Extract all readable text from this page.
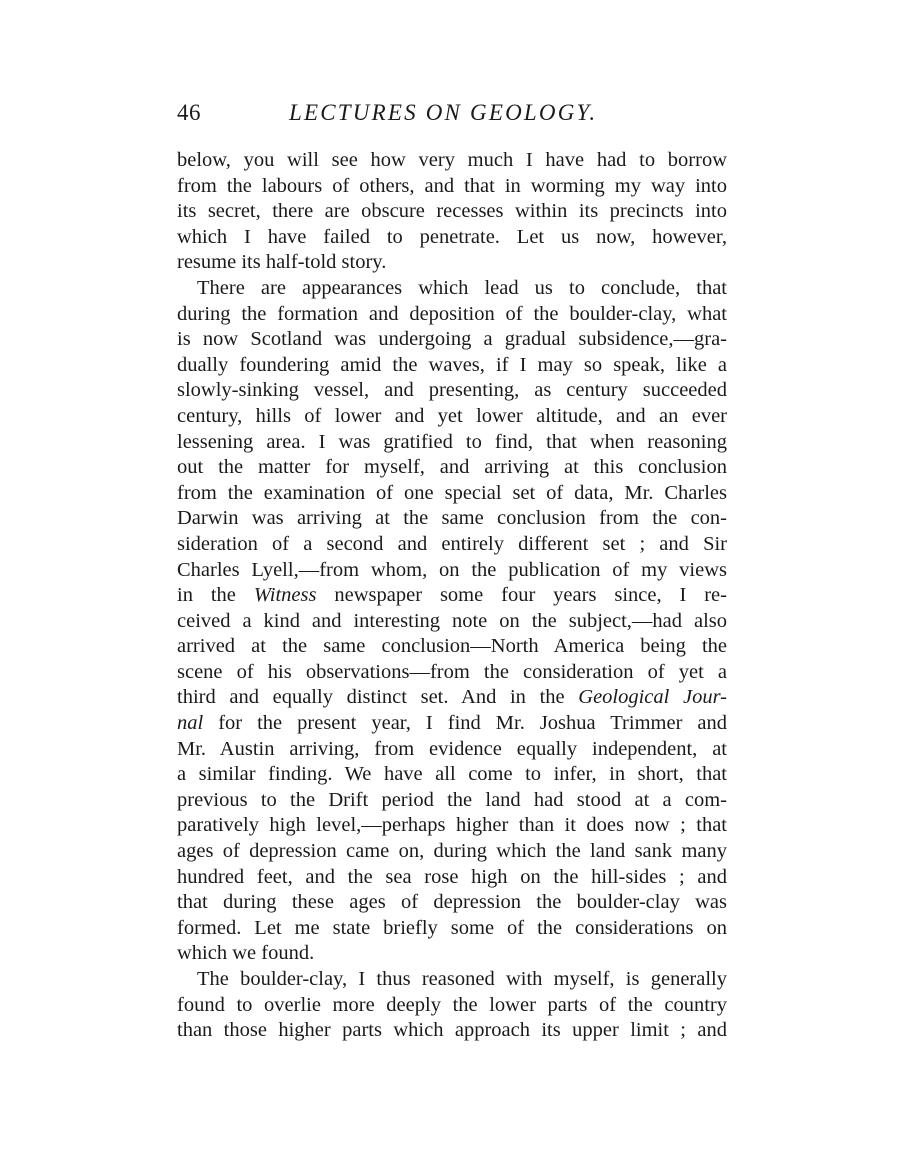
46	LECTURES ON GEOLOGY.
below, you will see how very much I have had to borrow
from the labours of others, and that in worming my way into
its secret, there are obscure recesses within its precincts into
which I have failed to penetrate. Let us now, however,
resume its half-told story.
There are appearances which lead us to conclude, that
during the formation and deposition of the boulder-clay, what
is now Scotland was undergoing a gradual subsidence,—gra-
dually foundering amid the waves, if I may so speak, like a
slowly-sinking vessel, and presenting, as century succeeded
century, hills of lower and yet lower altitude, and an ever
lessening area. I was gratified to find, that when reasoning
out the matter for myself, and arriving at this conclusion
from the examination of one special set of data, Mr. Charles
Darwin was arriving at the same conclusion from the con-
sideration of a second and entirely different set ; and Sir
Charles Lyell,—from whom, on the publication of my views
in the Witness newspaper some four years since, I re-
ceived a kind and interesting note on the subject,—had also
arrived at the same conclusion—North America being the
scene of his observations—from the consideration of yet a
third and equally distinct set. And in the Geological Jour-
nal for the present year, I find Mr. Joshua Trimmer and
Mr. Austin arriving, from evidence equally independent, at
a similar finding. We have all come to infer, in short, that
previous to the Drift period the land had stood at a com-
paratively high level,—perhaps higher than it does now ; that
ages of depression came on, during which the land sank many
hundred feet, and the sea rose high on the hill-sides ; and
that during these ages of depression the boulder-clay was
formed. Let me state briefly some of the considerations on
which we found.
The boulder-clay, I thus reasoned with myself, is generally
found to overlie more deeply the lower parts of the country
than those higher parts which approach its upper limit ; and
